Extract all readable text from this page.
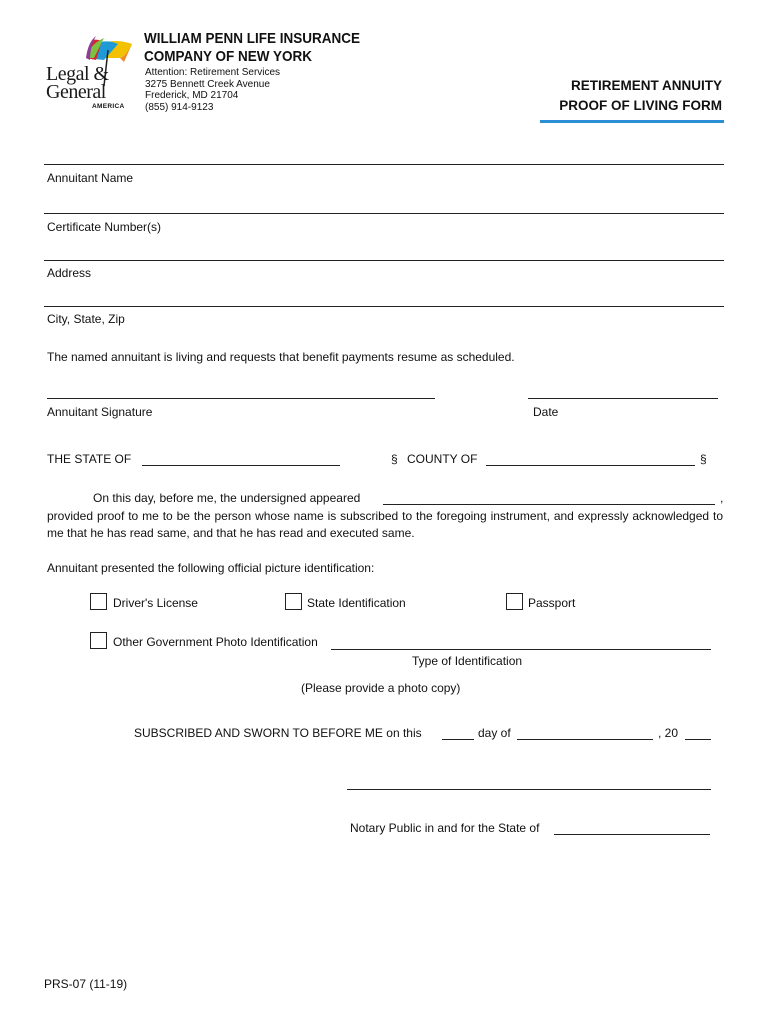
Legal &
General
AMERICA
WILLIAM PENN LIFE INSURANCE
COMPANY OF NEW YORK
Attention: Retirement Services
3275 Bennett Creek Avenue
Frederick, MD 21704
(855) 914-9123
RETIREMENT ANNUITY
PROOF OF LIVING FORM
Annuitant Name
Certificate Number(s)
Address
City, State, Zip
The named annuitant is living and requests that benefit payments resume as scheduled.
Annuitant Signature	Date
THE STATE OF	§ COUNTY OF	§
On this day, before me, the undersigned appeared	,
provided proof to me to be the person whose name is subscribed to the foregoing instrument, and expressly acknowledged to me that he has read same, and that he has read and executed same.
Annuitant presented the following official picture identification:
Driver's License	State Identification	Passport
Other Government Photo Identification
Type of Identification
(Please provide a photo copy)
SUBSCRIBED AND SWORN TO BEFORE ME on this	day of	, 20
Notary Public in and for the State of
PRS-07 (11-19)
